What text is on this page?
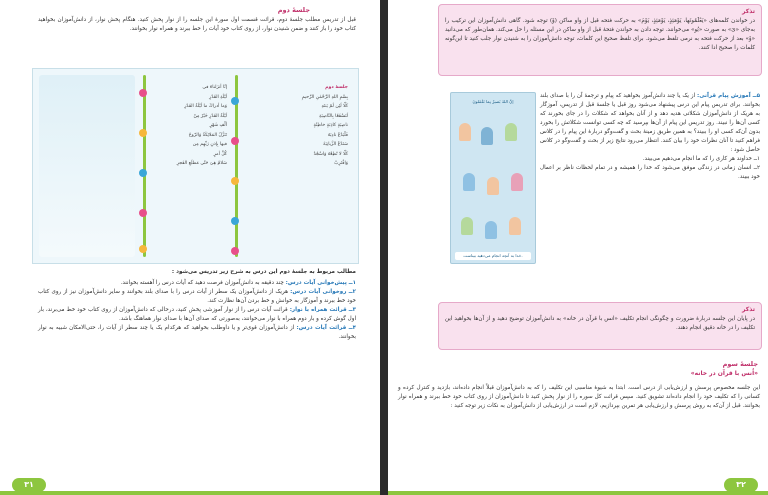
جلسهٔ دوم
قبل از تدریس مطلب جلسهٔ دوم، قرائت قسمت اول سورهٔ این جلسه را از نوار پخش کنید. هنگام پخش نوار، از دانش‌آموزان بخواهید کتاب خود را باز کنند و ضمن شنیدن نوار، از روی کتاب خود آیات را خط ببرند و همراه نوار بخوانند.
جلسهٔ دوم
بِسْمِ اللهِ الرَّحْمٰنِ الرَّحیمِ
كَلّا لَئِن لَمْ یَنتَهِ
لَنَسْفَعًا بِالنّاصِیَةِ
ناصِیَةٍ كاذِبَةٍ خاطِئَةٍ
فَلْیَدْعُ نادِیَهُ
سَنَدْعُ الزَّبانِیَةَ
كَلّا لا تُطِعْهُ وَاسْجُدْ
وَاقْتَرِبْ
إنّا أنزَلناهُ فی
لَیْلَةِ القَدْرِ
وَما أدراكَ ما لَیْلَةُ القَدْرِ
لَیْلَةُ القَدْرِ خَیْرٌ مِنْ
ألْفِ شَهْرٍ
تَنَزَّلُ المَلائِكَةُ وَالرّوحُ
فیها بِإذنِ رَبِّهِم مِن
كُلِّ أمرٍ
سَلامٌ هِیَ حَتّی مَطلَعِ الفَجرِ
مطالب مربوط به جلسهٔ دوم این درس به شرح زیر تدریس می‌شود :
۱ــ پیش‌خوانی آیات درس: چند دقیقه به دانش‌آموزان فرصت دهید که آیات درس را آهسته بخوانند.
۲ــ روخوانی آیات درس: هریک از دانش‌آموزان یک سطر از آیات درس را با صدای بلند بخوانند و سایر دانش‌آموزان نیز از روی کتاب خود خط ببرند و آموزگار به خوانش و خط بردن آن‌ها نظارت کند.
۳ــ قرائت همراه با نوار: قرائت آیات درس را از نوار آموزشی پخش کنید، درحالی که دانش‌آموزان از روی کتاب خود خط می‌برند، بار اول گوش کرده و بار دوم همراه با نوار می‌خوانند، به‌صورتی که صدای آن‌ها با صدای نوار هماهنگ باشد.
۴ــ قرائت آیات درس: از دانش‌آموزان قوی‌تر و یا داوطلب بخواهید که هرکدام یک یا چند سطر از آیات را، حتی‌الامکان شبیه به نوار بخوانند.
۳۱
تذکر
در خواندن کلمه‌های «یَعْلَمُونَها، یَوْمَئِذٍ، یَوْمَئِذٍ، یَوْمَ» به حرکت فتحه قبل از واو ساکن (وْ) توجه شود. گاهی دانش‌آموزان این ترکیب را به‌جای «یَ» به صورت «یُو» می‌خوانند. توجه دادن به خواندن فتحهٔ قبل از واو ساکن در این مسئله را حل می‌کند. همان‌طور که می‌دانید «وْ» بعد از حرکت فتحه به نرمی تلفظ می‌شود. برای تلفظ صحیح این کلمات، توجه دانش‌آموزان را به شنیدن نوار جلب کنید تا این‌گونه کلمات را صحیح ادا کنند.
إنَّ اللهَ بَصیرٌ بِما تَعْمَلونَ
خدا به آنچه انجام می‌دهید بیناست.
۵ــ آموزش پیام قرآنی: از یک یا چند دانش‌آموز بخواهید که پیام و ترجمهٔ آن را با صدای بلند بخوانند. برای تدریس پیام این درس پیشنهاد می‌شود روز قبل یا جلسهٔ قبل از تدریس، آموزگار به هریک از دانش‌آموزان شکلاتی هدیه دهد و از آنان بخواهد که شکلات را در جای بخورند که کسی آن‌ها را نبیند. روز تدریس این پیام از آن‌ها بپرسید که چه کسی توانست شکلاتش را بخورد بدون آن‌که کسی او را ببیند؟ به همین طریق زمینهٔ بحث و گفت‌وگو دربارهٔ این پیام را در کلاس فراهم کنید تا آنان نظرات خود را بیان کنند. انتظار می‌رود نتایج زیر از بحث و گفت‌وگو در کلاس حاصل شود :
۱ــ خداوند هر کاری را که ما انجام می‌دهیم می‌بیند.
۲ــ انسان زمانی در زندگی موفق می‌شود که خدا را همیشه و در تمام لحظات ناظر بر اعمال خود ببیند.
تذکر
در پایان این جلسه دربارهٔ ضرورت و چگونگی انجام تکلیف «انس با قرآن در خانه» به دانش‌آموزان توضیح دهید و از آن‌ها بخواهید این تکلیف را در خانه دقیق انجام دهند.
جلسهٔ سوم
«اُنس با قرآن در خانه»
این جلسه مخصوص پرسش و ارزش‌یابی از درس است. ابتدا به شیوهٔ مناسبی این تکلیف را که به دانش‌آموزان قبلاً انجام داده‌اند، بازدید و کنترل کرده و کسانی را که تکلیف خود را انجام داده‌اند تشویق کنید. سپس قرائت کل سوره را از نوار پخش کنید تا دانش‌آموزان از روی کتاب خود خط ببرند و همراه نوار بخوانند. قبل از آن‌که به روش پرسش و ارزش‌یابی هر تمرین بپردازیم، لازم است در ارزش‌یابی از دانش‌آموزان به نکات زیر توجه کنید :
۳۲
